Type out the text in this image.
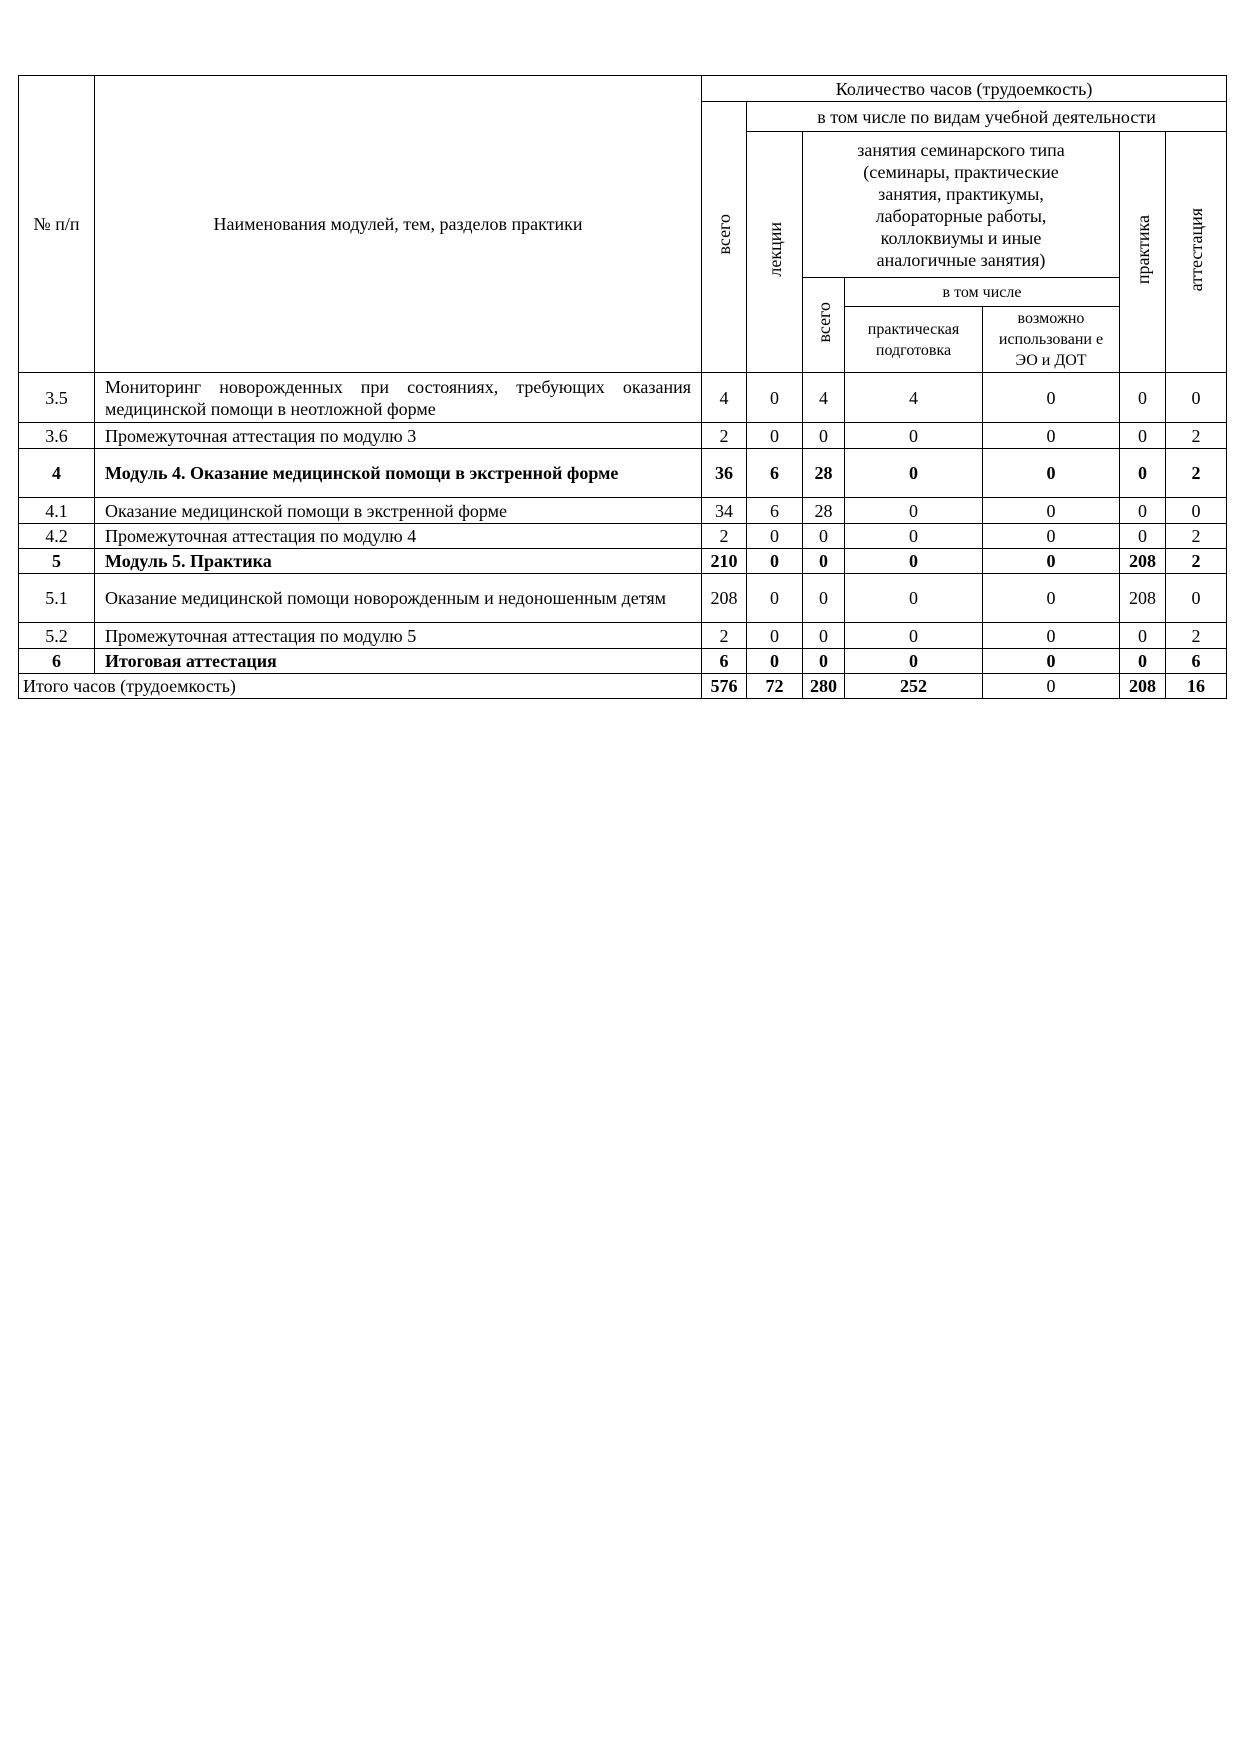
№ п/п	Наименования модулей, тем, разделов практики	Количество часов (трудоемкость)						
		всего	в том числе по видам учебной деятельности					
			лекции	занятия семинарского типа (семинары, практические занятия, практикумы, лабораторные работы, коллоквиумы и иные аналогичные занятия)			практика	аттестация
				всего	в том числе			
					практическая подготовка	возможно использовани е ЭО и ДОТ		
3.5	Мониторинг новорожденных при состояниях, требующих оказания медицинской помощи в неотложной форме	4	0	4	4	0	0	0
3.6	Промежуточная аттестация по модулю 3	2	0	0	0	0	0	2
4	Модуль 4. Оказание медицинской помощи в экстренной форме	36	6	28	0	0	0	2
4.1	Оказание медицинской помощи в экстренной форме	34	6	28	0	0	0	0
4.2	Промежуточная аттестация по модулю 4	2	0	0	0	0	0	2
5	Модуль 5. Практика	210	0	0	0	0	208	2
5.1	Оказание медицинской помощи новорожденным и недоношенным детям	208	0	0	0	0	208	0
5.2	Промежуточная аттестация по модулю 5	2	0	0	0	0	0	2
6	Итоговая аттестация	6	0	0	0	0	0	6
Итого часов (трудоемкость)		576	72	280	252	0	208	16
